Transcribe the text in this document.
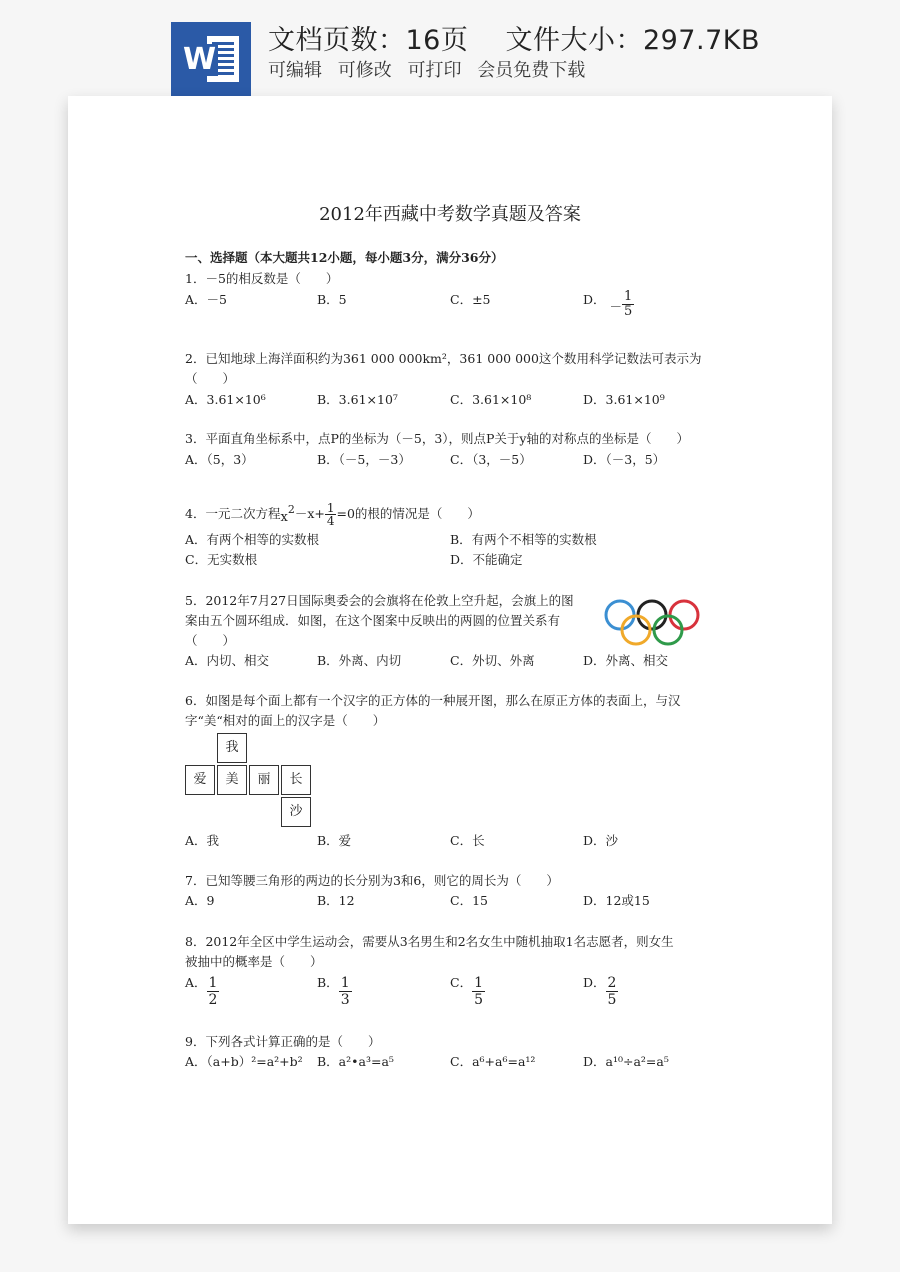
W
文档页数：16页 文件大小：297.7KB
可编辑 可修改 可打印 会员免费下载
2012年西藏中考数学真题及答案
一、选择题（本大题共12小题，每小题3分，满分36分）
1．－5的相反数是（　　）
A．－5	B．5	C．±5	D． － $\frac{1}{5}$
2．已知地球上海洋面积约为361 000 000km²，361 000 000这个数用科学记数法可表示为
（　　）
A．3.61×10⁶	B．3.61×10⁷	C．3.61×10⁸	D．3.61×10⁹
3．平面直角坐标系中，点P的坐标为（－5，3），则点P关于y轴的对称点的坐标是（　　）
A．（5，3）	B．（－5，－3）	C．（3，－5）	D．（－3，5）
4．一元二次方程$x^2-x+ \frac{1}{4} =0$的根的情况是（　　）
A．有两个相等的实数根	B．有两个不相等的实数根
C．无实数根	D．不能确定
5．2012年7月27日国际奥委会的会旗将在伦敦上空升起，会旗上的图
案由五个圆环组成．如图，在这个图案中反映出的两圆的位置关系有
（　　）
A．内切、相交	B．外离、内切	C．外切、外离	D．外离、相交
6．如图是每个面上都有一个汉字的正方体的一种展开图，那么在原正方体的表面上，与汉
字“美“相对的面上的汉字是（　　）
我
爱	美	丽	长
沙
A．我	B．爱	C．长	D．沙
7．已知等腰三角形的两边的长分别为3和6，则它的周长为（　　）
A．9	B．12	C．15	D．12或15
8．2012年全区中学生运动会，需要从3名男生和2名女生中随机抽取1名志愿者，则女生
被抽中的概率是（　　）
A． $\frac{1}{2}$	B． $\frac{1}{3}$	C． $\frac{1}{5}$	D． $\frac{2}{5}$
9．下列各式计算正确的是（　　）
A．（a+b）²=a²+b² B．a²•a³=a⁵	C．a⁶+a⁶=a¹²	D．a¹⁰÷a²=a⁵
